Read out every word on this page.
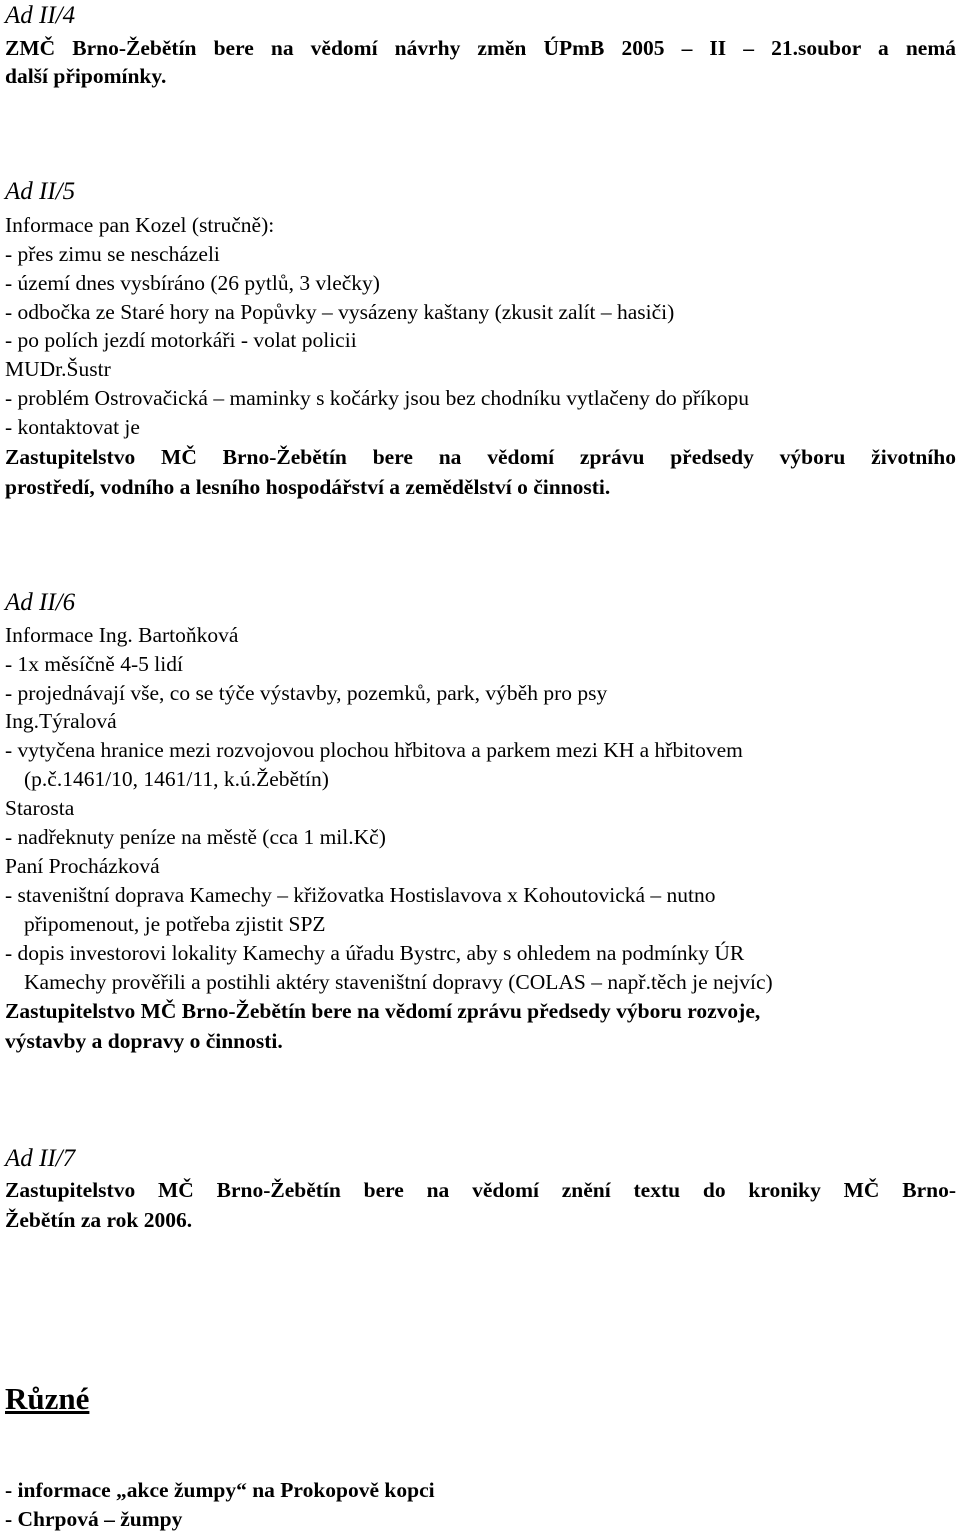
Ad II/4
ZMČ Brno-Žebětín bere na vědomí návrhy změn ÚPmB 2005 – II – 21.soubor a nemá
další připomínky.
Ad II/5
Informace pan Kozel (stručně):
- přes zimu se nescházeli
- území dnes vysbíráno (26 pytlů, 3 vlečky)
- odbočka ze Staré hory na Popůvky – vysázeny kaštany (zkusit zalít – hasiči)
- po polích jezdí motorkáři - volat policii
MUDr.Šustr
- problém Ostrovačická – maminky s kočárky jsou bez chodníku vytlačeny do příkopu
- kontaktovat je
Zastupitelstvo MČ Brno-Žebětín bere na vědomí zprávu předsedy výboru životního
prostředí, vodního a lesního hospodářství a zemědělství o činnosti.
Ad II/6
Informace Ing. Bartoňková
- 1x měsíčně 4-5 lidí
- projednávají vše, co se týče výstavby, pozemků, park, výběh pro psy
Ing.Týralová
- vytyčena hranice mezi rozvojovou plochou hřbitova a parkem mezi KH a hřbitovem
(p.č.1461/10, 1461/11, k.ú.Žebětín)
Starosta
- nadřeknuty peníze na městě (cca 1 mil.Kč)
Paní Procházková
- staveništní doprava Kamechy – křižovatka Hostislavova x Kohoutovická – nutno
připomenout, je potřeba zjistit SPZ
- dopis investorovi lokality Kamechy a úřadu Bystrc, aby s ohledem na podmínky ÚR
Kamechy prověřili a postihli aktéry staveništní dopravy (COLAS – např.těch je nejvíc)
Zastupitelstvo MČ Brno-Žebětín bere na vědomí zprávu předsedy výboru rozvoje,
výstavby a dopravy o činnosti.
Ad II/7
Zastupitelstvo MČ Brno-Žebětín bere na vědomí znění textu do kroniky MČ Brno-
Žebětín za rok 2006.
Různé
- informace „akce žumpy“ na Prokopově kopci
- Chrpová – žumpy
